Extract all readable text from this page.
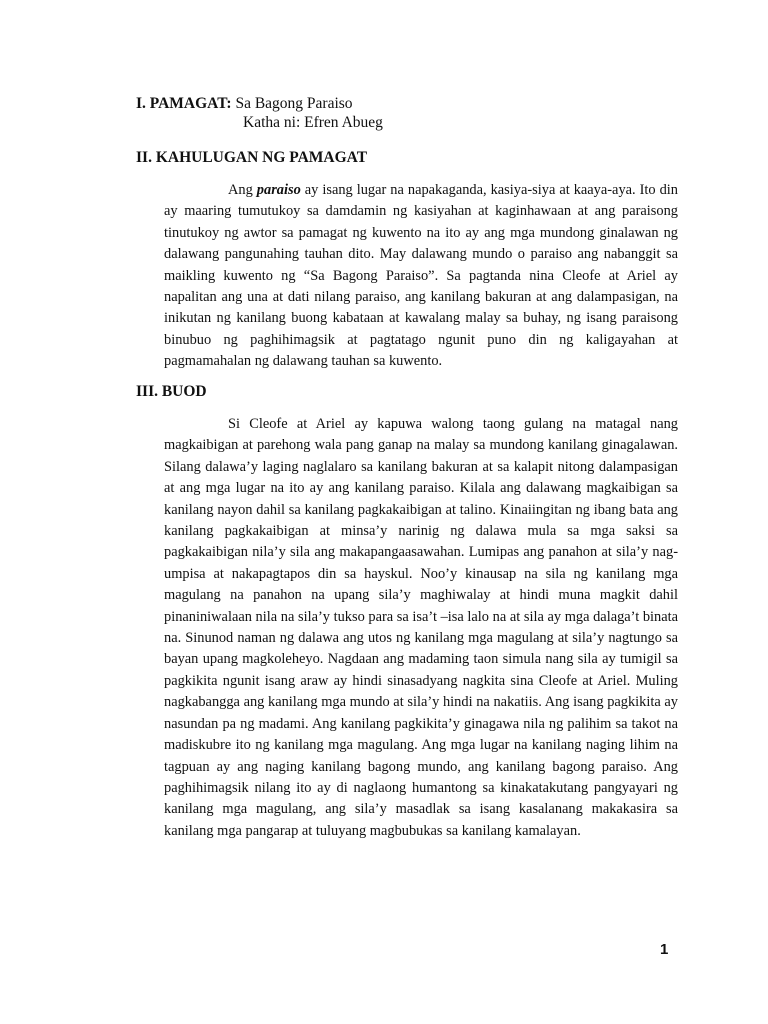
I. PAMAGAT: Sa Bagong Paraiso
Katha ni: Efren Abueg
II. KAHULUGAN NG PAMAGAT

Ang paraiso ay isang lugar na napakaganda, kasiya-siya at kaaya-aya. Ito din ay maaring tumutukoy sa damdamin ng kasiyahan at kaginhawaan at ang paraisong tinutukoy ng awtor sa pamagat ng kuwento na ito ay ang mga mundong ginalawan ng dalawang pangunahing tauhan dito. May dalawang mundo o paraiso ang nabanggit sa maikling kuwento ng “Sa Bagong Paraiso”. Sa pagtanda nina Cleofe at Ariel ay napalitan ang una at dati nilang paraiso, ang kanilang bakuran at ang dalampasigan, na inikutan ng kanilang buong kabataan at kawalang malay sa buhay, ng isang paraisong binubuo ng paghihimagsik at pagtatago ngunit puno din ng kaligayahan at pagmamahalan ng dalawang tauhan sa kuwento.

III. BUOD

Si Cleofe at Ariel ay kapuwa walong taong gulang na matagal nang magkaibigan at parehong wala pang ganap na malay sa mundong kanilang ginagalawan. Silang dalawa’y laging naglalaro sa kanilang bakuran at sa kalapit nitong dalampasigan at ang mga lugar na ito ay ang kanilang paraiso. Kilala ang dalawang magkaibigan sa kanilang nayon dahil sa kanilang pagkakaibigan at talino. Kinaiingitan ng ibang bata ang kanilang pagkakaibigan at minsa’y narinig ng dalawa mula sa mga saksi sa pagkakaibigan nila’y sila ang makapangaasawahan. Lumipas ang panahon at sila’y nag-umpisa at nakapagtapos din sa hayskul. Noo’y kinausap na sila ng kanilang mga magulang na panahon na upang sila’y maghiwalay at hindi muna magkit dahil pinaniniwalaan nila na sila’y tukso para sa isa’t –isa lalo na at sila ay mga dalaga’t binata na. Sinunod naman ng dalawa ang utos ng kanilang mga magulang at sila’y nagtungo sa bayan upang magkoleheyo. Nagdaan ang madaming taon simula nang sila ay tumigil sa pagkikita ngunit isang araw ay hindi sinasadyang nagkita sina Cleofe at Ariel. Muling nagkabangga ang kanilang mga mundo at sila’y hindi na nakatiis. Ang isang pagkikita ay nasundan pa ng madami. Ang kanilang pagkikita’y ginagawa nila ng palihim sa takot na madiskubre ito ng kanilang mga magulang. Ang mga lugar na kanilang naging lihim na tagpuan ay ang naging kanilang bagong mundo, ang kanilang bagong paraiso. Ang paghihimagsik nilang ito ay di naglaong humantong sa kinakatakutang pangyayari ng kanilang mga magulang, ang sila’y masadlak sa isang kasalanang makakasira sa kanilang mga pangarap at tuluyang magbubukas sa kanilang kamalayan.

1
